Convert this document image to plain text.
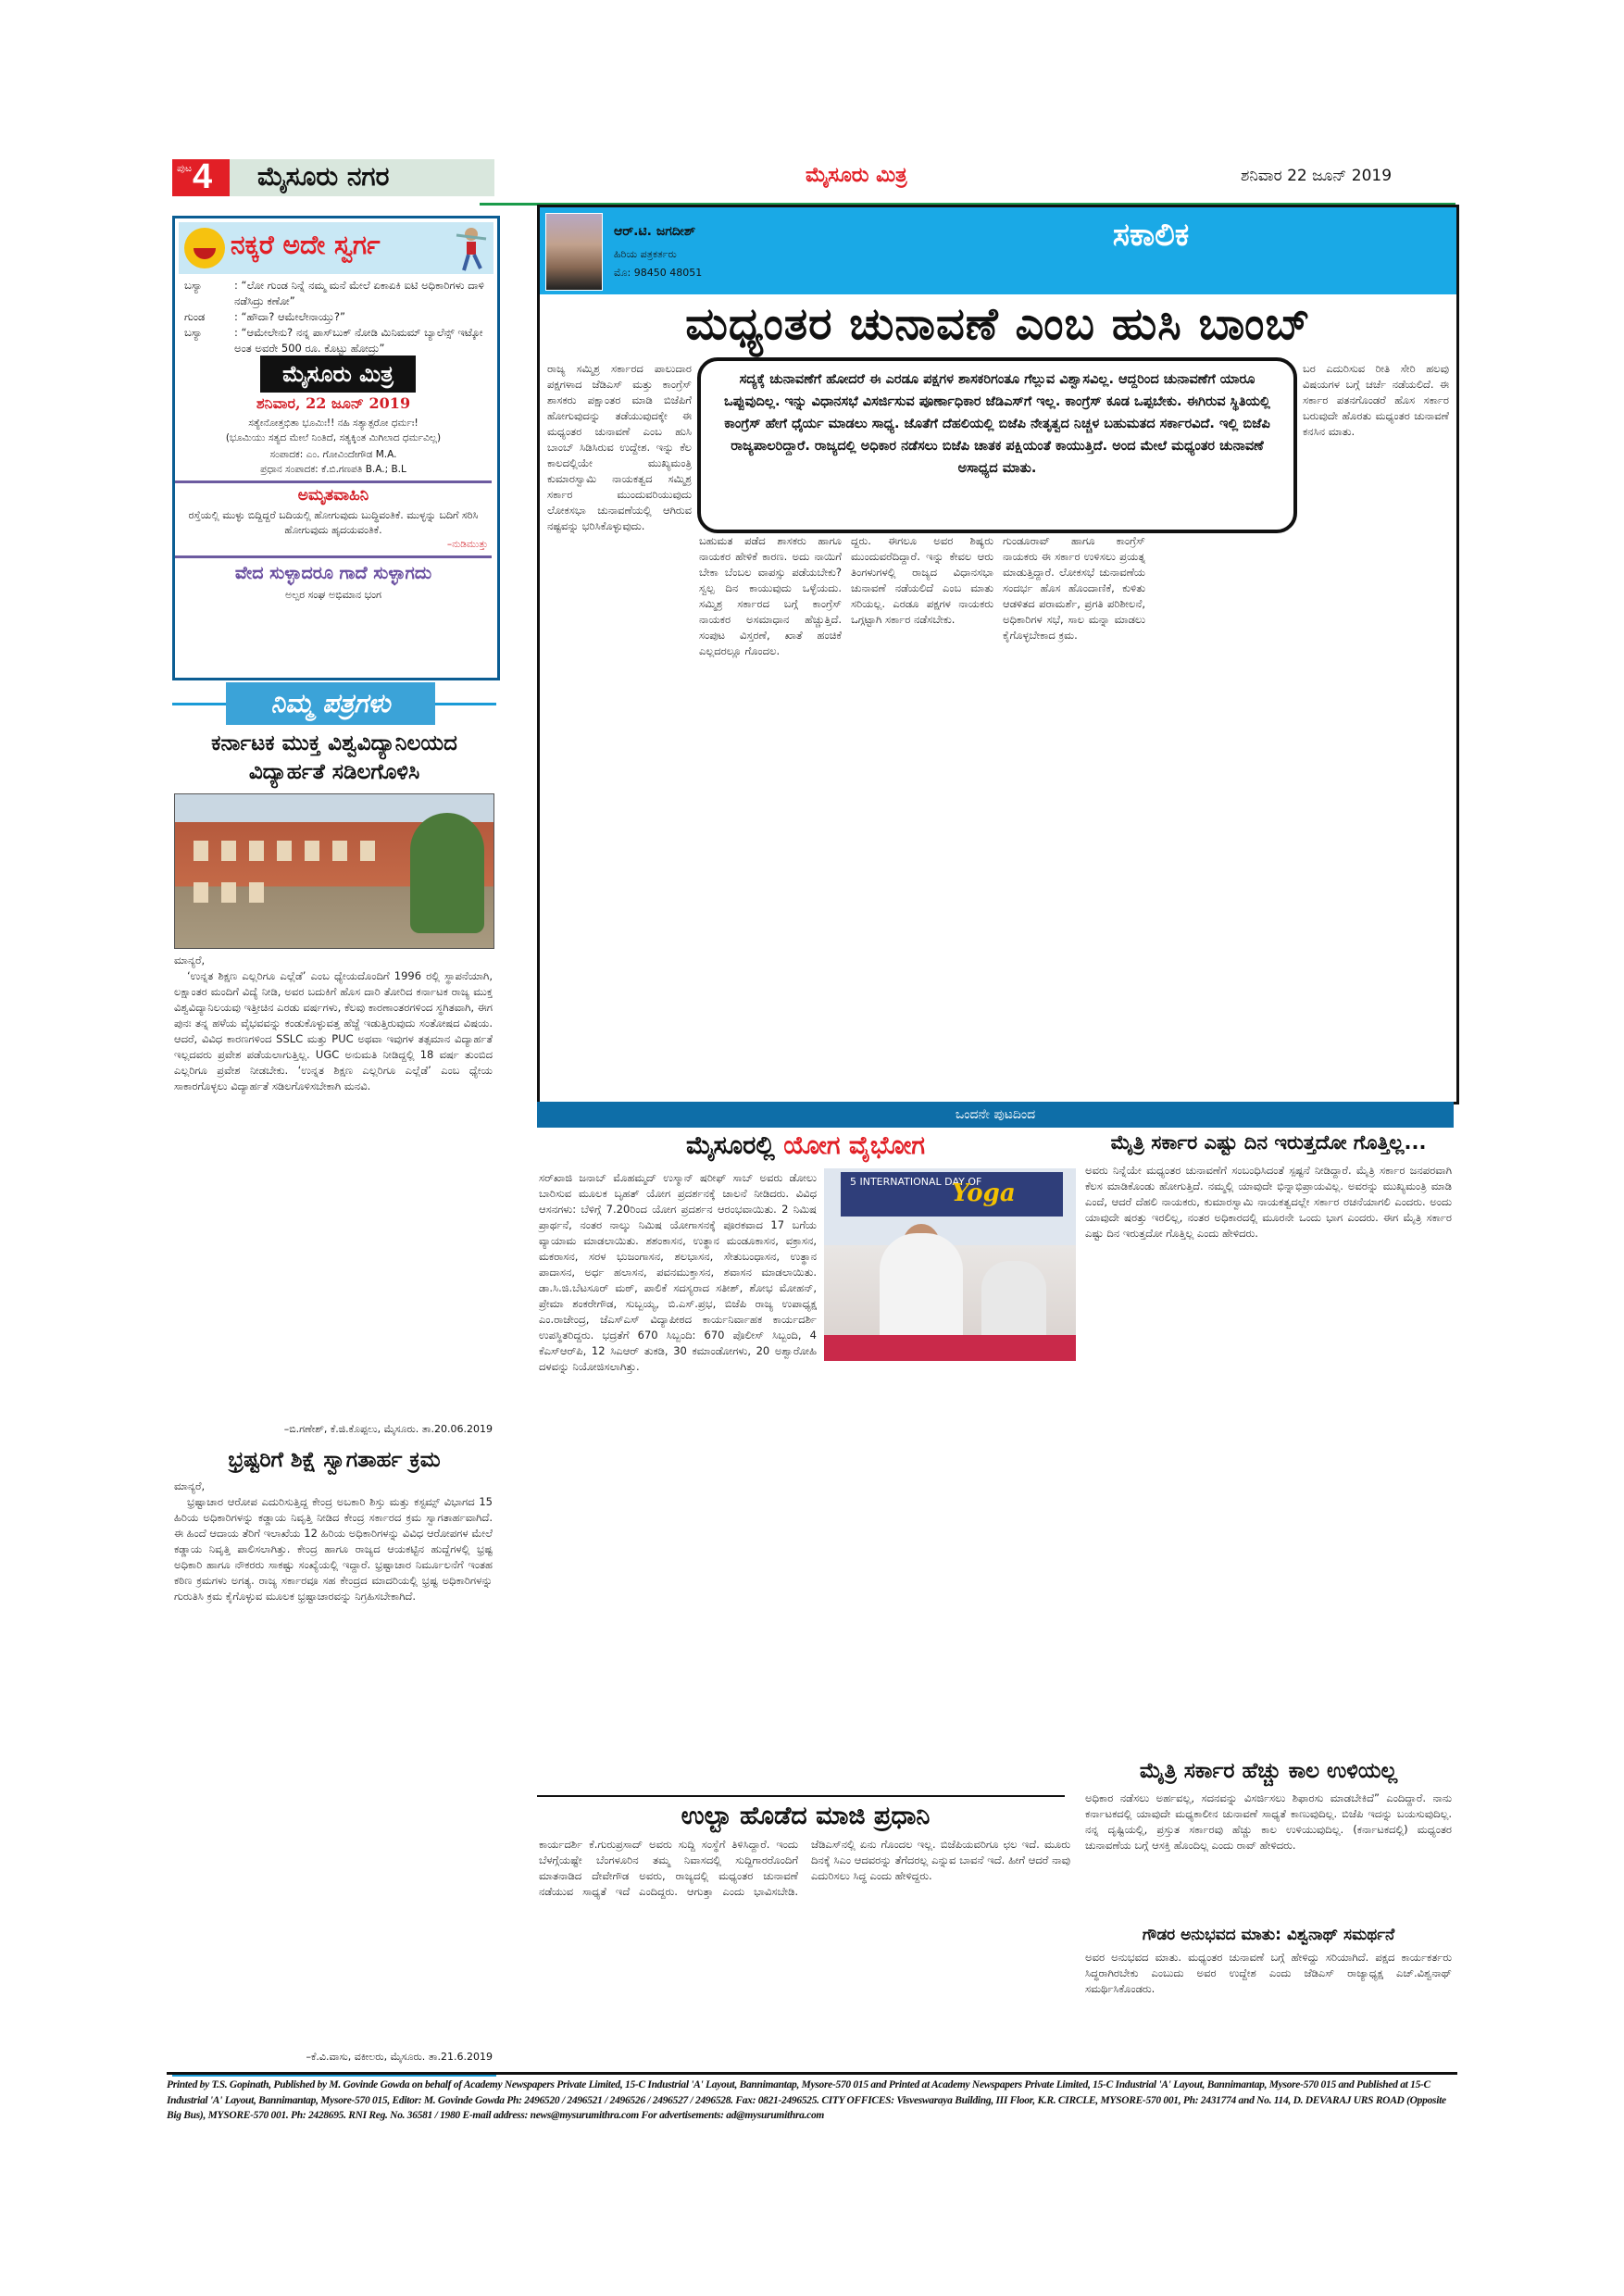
ಪುಟ 4 ಮೈಸೂರು ನಗರ	ಮೈಸೂರು ಮಿತ್ರ	ಶನಿವಾರ 22 ಜೂನ್ 2019
ನಕ್ಕರೆ ಅದೇ ಸ್ವರ್ಗ
ಬಸ್ಯಾ	: “ಲೋ ಗುಂಡ ನಿನ್ನೆ ನಮ್ಮ ಮನೆ ಮೇಲೆ ಏಕಾಏಕಿ ಐಟಿ ಅಧಿಕಾರಿಗಳು ದಾಳಿ ನಡೆಸಿದ್ರು ಕಣೋ”
ಗುಂಡ	: “ಹೌದಾ? ಆಮೇಲೇನಾಯ್ತು?”
ಬಸ್ಯಾ	: “ಆಮೇಲೇನು? ನನ್ನ ಪಾಸ್‌ಬುಕ್ ನೋಡಿ ಮಿನಿಮಮ್ ಬ್ಯಾಲೆನ್ಸ್ ಇಟ್ಕೋ ಅಂತ ಅವರೇ 500 ರೂ. ಕೊಟ್ಟು ಹೋದ್ರು”
ಮೈಸೂರು ಮಿತ್ರ
ಶನಿವಾರ, 22 ಜೂನ್ 2019
ಸತ್ಯೇನೋತ್ತಭಿತಾ ಭೂಮಿಃ!! ನಹಿ ಸತ್ಯಾತ್ಪರೋ ಧರ್ಮಃ!
(ಭೂಮಿಯು ಸತ್ಯದ ಮೇಲೆ ನಿಂತಿದೆ, ಸತ್ಯಕ್ಕಿಂತ ಮಿಗಿಲಾದ ಧರ್ಮವಿಲ್ಲ)
ಸಂಪಾದಕ: ಎಂ. ಗೋವಿಂದೇಗೌಡ M.A.
ಪ್ರಧಾನ ಸಂಪಾದಕ: ಕೆ.ಬಿ.ಗಣಪತಿ B.A.; B.L
ಅಮೃತವಾಹಿನಿ
ರಸ್ತೆಯಲ್ಲಿ ಮುಳ್ಳು ಬಿದ್ದಿದ್ದರೆ ಬದಿಯಲ್ಲಿ ಹೋಗುವುದು ಬುದ್ಧಿವಂತಿಕೆ. ಮುಳ್ಳನ್ನು ಬದಿಗೆ ಸರಿಸಿ ಹೋಗುವುದು ಹೃದಯವಂತಿಕೆ.
–ನುಡಿಮುತ್ತು
ವೇದ ಸುಳ್ಳಾದರೂ ಗಾದೆ ಸುಳ್ಳಾಗದು
ಅಲ್ಪರ ಸಂಘ ಅಭಿಮಾನ ಭಂಗ
ನಿಮ್ಮ ಪತ್ರಗಳು
ಕರ್ನಾಟಕ ಮುಕ್ತ ವಿಶ್ವವಿದ್ಯಾನಿಲಯದ ವಿದ್ಯಾರ್ಹತೆ ಸಡಿಲಗೊಳಿಸಿ
ಮಾನ್ಯರೆ,

‘ಉನ್ನತ ಶಿಕ್ಷಣ ಎಲ್ಲರಿಗೂ ಎಲ್ಲೆಡೆ’ ಎಂಬ ಧ್ಯೇಯದೊಂದಿಗೆ 1996 ರಲ್ಲಿ ಸ್ಥಾಪನೆಯಾಗಿ, ಲಕ್ಷಾಂತರ ಮಂದಿಗೆ ವಿದ್ಯೆ ನೀಡಿ, ಅವರ ಬದುಕಿಗೆ ಹೊಸ ದಾರಿ ತೋರಿದ ಕರ್ನಾಟಕ ರಾಜ್ಯ ಮುಕ್ತ ವಿಶ್ವವಿದ್ಯಾನಿಲಯವು ಇತ್ತೀಚಿನ ಎರಡು ವರ್ಷಗಳು, ಕೆಲವು ಕಾರಣಾಂತರಗಳಿಂದ ಸ್ಥಗಿತವಾಗಿ, ಈಗ ಪುನಃ ತನ್ನ ಹಳೆಯ ವೈಭವವನ್ನು ಕಂಡುಕೊಳ್ಳುವತ್ತ ಹೆಜ್ಜೆ ಇಡುತ್ತಿರುವುದು ಸಂತೋಷದ ವಿಷಯ. ಆದರೆ, ವಿವಿಧ ಕಾರಣಗಳಿಂದ SSLC ಮತ್ತು PUC ಅಥವಾ ಇವುಗಳ ತತ್ಸಮಾನ ವಿದ್ಯಾರ್ಹತೆ ಇಲ್ಲದವರು ಪ್ರವೇಶ ಪಡೆಯಲಾಗುತ್ತಿಲ್ಲ. UGC ಅನುಮತಿ ನೀಡಿದ್ದಲ್ಲಿ 18 ವರ್ಷ ತುಂಬಿದ ಎಲ್ಲರಿಗೂ ಪ್ರವೇಶ ನೀಡಬೇಕು. ‘ಉನ್ನತ ಶಿಕ್ಷಣ ಎಲ್ಲರಿಗೂ ಎಲ್ಲೆಡೆ’ ಎಂಬ ಧ್ಯೇಯ ಸಾಕಾರಗೊಳ್ಳಲು ವಿದ್ಯಾರ್ಹತೆ ಸಡಿಲಗೊಳಿಸಬೇಕಾಗಿ ಮನವಿ.

–ಬಿ.ಗಣೇಶ್, ಕೆ.ಜಿ.ಕೊಪ್ಪಲು, ಮೈಸೂರು. ತಾ.20.06.2019
ಭ್ರಷ್ಟರಿಗೆ ಶಿಕ್ಷೆ ಸ್ವಾಗತಾರ್ಹ ಕ್ರಮ
ಮಾನ್ಯರೆ,

ಭ್ರಷ್ಟಾಚಾರ ಆರೋಪ ಎದುರಿಸುತ್ತಿದ್ದ ಕೇಂದ್ರ ಅಬಕಾರಿ ಶಿಸ್ತು ಮತ್ತು ಕಸ್ಟಮ್ಸ್ ವಿಭಾಗದ 15 ಹಿರಿಯ ಅಧಿಕಾರಿಗಳನ್ನು ಕಡ್ಡಾಯ ನಿವೃತ್ತಿ ನೀಡಿದ ಕೇಂದ್ರ ಸರ್ಕಾರದ ಕ್ರಮ ಸ್ವಾಗತಾರ್ಹವಾಗಿದೆ. ಈ ಹಿಂದೆ ಆದಾಯ ತೆರಿಗೆ ಇಲಾಖೆಯ 12 ಹಿರಿಯ ಅಧಿಕಾರಿಗಳನ್ನು ವಿವಿಧ ಆರೋಪಗಳ ಮೇಲೆ ಕಡ್ಡಾಯ ನಿವೃತ್ತಿ ಪಾಲಿಸಲಾಗಿತ್ತು. ಕೇಂದ್ರ ಹಾಗೂ ರಾಜ್ಯದ ಆಯಕಟ್ಟಿನ ಹುದ್ದೆಗಳಲ್ಲಿ ಭ್ರಷ್ಟ ಅಧಿಕಾರಿ ಹಾಗೂ ನೌಕರರು ಸಾಕಷ್ಟು ಸಂಖ್ಯೆಯಲ್ಲಿ ಇದ್ದಾರೆ. ಭ್ರಷ್ಟಾಚಾರ ನಿರ್ಮೂಲನೆಗೆ ಇಂತಹ ಕಠಿಣ ಕ್ರಮಗಳು ಅಗತ್ಯ. ರಾಜ್ಯ ಸರ್ಕಾರವೂ ಸಹ ಕೇಂದ್ರದ ಮಾದರಿಯಲ್ಲಿ ಭ್ರಷ್ಟ ಅಧಿಕಾರಿಗಳನ್ನು ಗುರುತಿಸಿ ಕ್ರಮ ಕೈಗೊಳ್ಳುವ ಮೂಲಕ ಭ್ರಷ್ಟಾಚಾರವನ್ನು ನಿಗ್ರಹಿಸಬೇಕಾಗಿದೆ.

–ಕೆ.ವಿ.ವಾಸು, ವಕೀಲರು, ಮೈಸೂರು. ತಾ.21.6.2019
ಆರ್.ಟಿ. ಜಗದೀಶ್
ಹಿರಿಯ ಪತ್ರಕರ್ತರು
ಮೊ: 98450 48051
ಸಕಾಲಿಕ
ಮಧ್ಯಂತರ ಚುನಾವಣೆ ಎಂಬ ಹುಸಿ ಬಾಂಬ್
ರಾಜ್ಯ ಸಮ್ಮಿಶ್ರ ಸರ್ಕಾರದ ಪಾಲುದಾರ ಪಕ್ಷಗಳಾದ ಜೆಡಿಎಸ್ ಮತ್ತು ಕಾಂಗ್ರೆಸ್ ಶಾಸಕರು ಪಕ್ಷಾಂತರ ಮಾಡಿ ಬಿಜೆಪಿಗೆ ಹೋಗುವುದನ್ನು ತಡೆಯುವುದಕ್ಕೇ ಈ ಮಧ್ಯಂತರ ಚುನಾವಣೆ ಎಂಬ ಹುಸಿ ಬಾಂಬ್ ಸಿಡಿಸಿರುವ ಉದ್ದೇಶ. ಇನ್ನು ಕೆಲ ಕಾಲದಲ್ಲಿಯೇ ಮುಖ್ಯಮಂತ್ರಿ ಕುಮಾರಸ್ವಾಮಿ ನಾಯಕತ್ವದ ಸಮ್ಮಿಶ್ರ ಸರ್ಕಾರ ಮುಂದುವರಿಯುವುದು ಲೋಕಸಭಾ ಚುನಾವಣೆಯಲ್ಲಿ ಆಗಿರುವ ನಷ್ಟವನ್ನು ಭರಿಸಿಕೊಳ್ಳುವುದು.
ಬಹುಮತ ಪಡೆದ ಶಾಸಕರು ಹಾಗೂ ನಾಯಕರ ಹೇಳಿಕೆ ಕಾರಣ. ಅದು ನಾಯಿಗೆ ಬೇಕಾ ಬೆಂಬಲ ವಾಪಸ್ಸು ಪಡೆಯಬೇಕು? ಸ್ವಲ್ಪ ದಿನ ಕಾಯುವುದು ಒಳ್ಳೆಯದು. ಸಮ್ಮಿಶ್ರ ಸರ್ಕಾರದ ಬಗ್ಗೆ ಕಾಂಗ್ರೆಸ್ ನಾಯಕರ ಅಸಮಾಧಾನ ಹೆಚ್ಚುತ್ತಿದೆ. ಸಂಪುಟ ವಿಸ್ತರಣೆ, ಖಾತೆ ಹಂಚಿಕೆ ಎಲ್ಲದರಲ್ಲೂ ಗೊಂದಲ.
ದ್ದರು. ಈಗಲೂ ಅವರ ಶಿಷ್ಯರು ಮುಂದುವರೆದಿದ್ದಾರೆ. ಇನ್ನು ಕೇವಲ ಆರು ತಿಂಗಳುಗಳಲ್ಲಿ ರಾಜ್ಯದ ವಿಧಾನಸಭಾ ಚುನಾವಣೆ ನಡೆಯಲಿದೆ ಎಂಬ ಮಾತು ಸರಿಯಲ್ಲ. ಎರಡೂ ಪಕ್ಷಗಳ ನಾಯಕರು ಒಗ್ಗಟ್ಟಾಗಿ ಸರ್ಕಾರ ನಡೆಸಬೇಕು.
ಗುಂಡೂರಾವ್ ಹಾಗೂ ಕಾಂಗ್ರೆಸ್ ನಾಯಕರು ಈ ಸರ್ಕಾರ ಉಳಿಸಲು ಪ್ರಯತ್ನ ಮಾಡುತ್ತಿದ್ದಾರೆ. ಲೋಕಸಭೆ ಚುನಾವಣೆಯ ಸಂದರ್ಭ ಹೊಸ ಹೊಂದಾಣಿಕೆ, ಕುಳಿತು ಆಡಳಿತದ ಪರಾಮರ್ಶೆ, ಪ್ರಗತಿ ಪರಿಶೀಲನೆ, ಅಧಿಕಾರಿಗಳ ಸಭೆ, ಸಾಲ ಮನ್ನಾ ಮಾಡಲು ಕೈಗೊಳ್ಳಬೇಕಾದ ಕ್ರಮ.
ಬರ ಎದುರಿಸುವ ರೀತಿ ಸೇರಿ ಹಲವು ವಿಷಯಗಳ ಬಗ್ಗೆ ಚರ್ಚೆ ನಡೆಯಲಿದೆ. ಈ ಸರ್ಕಾರ ಪತನಗೊಂಡರೆ ಹೊಸ ಸರ್ಕಾರ ಬರುವುದೇ ಹೊರತು ಮಧ್ಯಂತರ ಚುನಾವಣೆ ಕನಸಿನ ಮಾತು.
ಸದ್ಯಕ್ಕೆ ಚುನಾವಣೆಗೆ ಹೋದರೆ ಈ ಎರಡೂ ಪಕ್ಷಗಳ ಶಾಸಕರಿಗಂತೂ ಗೆಲ್ಲುವ ವಿಶ್ವಾಸವಿಲ್ಲ. ಆದ್ದರಿಂದ ಚುನಾವಣೆಗೆ ಯಾರೂ ಒಪ್ಪುವುದಿಲ್ಲ. ಇನ್ನು ವಿಧಾನಸಭೆ ವಿಸರ್ಜಿಸುವ ಪೂರ್ಣಾಧಿಕಾರ ಜೆಡಿಎಸ್‌ಗೆ ಇಲ್ಲ. ಕಾಂಗ್ರೆಸ್ ಕೂಡ ಒಪ್ಪಬೇಕು. ಈಗಿರುವ ಸ್ಥಿತಿಯಲ್ಲಿ ಕಾಂಗ್ರೆಸ್ ಹೇಗೆ ಧೈರ್ಯ ಮಾಡಲು ಸಾಧ್ಯ. ಜೊತೆಗೆ ದೆಹಲಿಯಲ್ಲಿ ಬಿಜೆಪಿ ನೇತೃತ್ವದ ನಿಚ್ಚಳ ಬಹುಮತದ ಸರ್ಕಾರವಿದೆ. ಇಲ್ಲಿ ಬಿಜೆಪಿ ರಾಜ್ಯಪಾಲರಿದ್ದಾರೆ. ರಾಜ್ಯದಲ್ಲಿ ಅಧಿಕಾರ ನಡೆಸಲು ಬಿಜೆಪಿ ಚಾತಕ ಪಕ್ಷಿಯಂತೆ ಕಾಯುತ್ತಿದೆ. ಅಂದ ಮೇಲೆ ಮಧ್ಯಂತರ ಚುನಾವಣೆ ಅಸಾಧ್ಯದ ಮಾತು.
ಒಂದನೇ ಪುಟದಿಂದ
ಮೈಸೂರಲ್ಲಿ ಯೋಗ ವೈಭೋಗ
ಸರ್‌ಖಾಜಿ ಜನಾಬ್ ಮೊಹಮ್ಮದ್ ಉಸ್ಮಾನ್ ಷರೀಫ್ ಸಾಬ್ ಅವರು ಡೋಲು ಬಾರಿಸುವ ಮೂಲಕ ಬೃಹತ್ ಯೋಗ ಪ್ರದರ್ಶನಕ್ಕೆ ಚಾಲನೆ ನೀಡಿದರು. ವಿವಿಧ ಆಸನಗಳು: ಬೆಳಿಗ್ಗೆ 7.20ರಿಂದ ಯೋಗ ಪ್ರದರ್ಶನ ಆರಂಭವಾಯಿತು. 2 ನಿಮಿಷ ಪ್ರಾರ್ಥನೆ, ನಂತರ ನಾಲ್ಕು ನಿಮಿಷ ಯೋಗಾಸನಕ್ಕೆ ಪೂರಕವಾದ 17 ಬಗೆಯ ವ್ಯಾಯಾಮ ಮಾಡಲಾಯಿತು. ಶಶಂಕಾಸನ, ಉತ್ಥಾನ ಮಂಡೂಕಾಸನ, ವಕ್ರಾಸನ, ಮಕರಾಸನ, ಸರಳ ಭುಜಂಗಾಸನ, ಶಲಭಾಸನ, ಸೇತುಬಂಧಾಸನ, ಉತ್ಥಾನ ಪಾದಾಸನ, ಅರ್ಧ ಹಲಾಸನ, ಪವನಮುಕ್ತಾಸನ, ಶವಾಸನ ಮಾಡಲಾಯಿತು. ಡಾ.ಸಿ.ಜಿ.ಬೆಟಸೂರ್ ಮಠ್, ಪಾಲಿಕೆ ಸದಸ್ಯರಾದ ಸತೀಶ್, ಶೋಭ ಮೋಹನ್, ಪ್ರೇಮಾ ಶಂಕರೇಗೌಡ, ಸುಬ್ಬಯ್ಯ, ಬಿ.ಎಸ್.ಪ್ರಭ, ಬಿಜೆಪಿ ರಾಜ್ಯ ಉಪಾಧ್ಯಕ್ಷ ಎಂ.ರಾಜೇಂದ್ರ, ಜೆಎಸ್‌ಎಸ್ ವಿದ್ಯಾಪೀಠದ ಕಾರ್ಯನಿರ್ವಾಹಕ ಕಾರ್ಯದರ್ಶಿ ಉಪಸ್ಥಿತರಿದ್ದರು. ಭದ್ರತೆಗೆ 670 ಸಿಬ್ಬಂದಿ: 670 ಪೊಲೀಸ್ ಸಿಬ್ಬಂದಿ, 4 ಕೆಎಸ್‌ಆರ್‌ಪಿ, 12 ಸಿಎಆರ್ ತುಕಡಿ, 30 ಕಮಾಂಡೋಗಳು, 20 ಅಶ್ವಾರೋಹಿ ದಳವನ್ನು ನಿಯೋಜಿಸಲಾಗಿತ್ತು.
5 INTERNATIONAL DAY OF
Yoga
ಮೈತ್ರಿ ಸರ್ಕಾರ ಎಷ್ಟು ದಿನ ಇರುತ್ತದೋ ಗೊತ್ತಿಲ್ಲ...
ಅವರು ನಿನ್ನೆಯೇ ಮಧ್ಯಂತರ ಚುನಾವಣೆಗೆ ಸಂಬಂಧಿಸಿದಂತೆ ಸ್ಪಷ್ಟನೆ ನೀಡಿದ್ದಾರೆ. ಮೈತ್ರಿ ಸರ್ಕಾರ ಜನಪರವಾಗಿ ಕೆಲಸ ಮಾಡಿಕೊಂಡು ಹೋಗುತ್ತಿದೆ. ನಮ್ಮಲ್ಲಿ ಯಾವುದೇ ಭಿನ್ನಾಭಿಪ್ರಾಯವಿಲ್ಲ. ಅವರನ್ನು ಮುಖ್ಯಮಂತ್ರಿ ಮಾಡಿ ಎಂದೆ, ಆದರೆ ದೆಹಲಿ ನಾಯಕರು, ಕುಮಾರಸ್ವಾಮಿ ನಾಯಕತ್ವದಲ್ಲೇ ಸರ್ಕಾರ ರಚನೆಯಾಗಲಿ ಎಂದರು. ಅಂದು ಯಾವುದೇ ಷರತ್ತು ಇರಲಿಲ್ಲ, ನಂತರ ಅಧಿಕಾರದಲ್ಲಿ ಮೂರನೇ ಒಂದು ಭಾಗ ಎಂದರು. ಈಗ ಮೈತ್ರಿ ಸರ್ಕಾರ ಎಷ್ಟು ದಿನ ಇರುತ್ತದೋ ಗೊತ್ತಿಲ್ಲ ಎಂದು ಹೇಳಿದರು.
ಉಲ್ಟಾ ಹೊಡೆದ ಮಾಜಿ ಪ್ರಧಾನಿ
ಕಾರ್ಯದರ್ಶಿ ಕೆ.ಗುರುಪ್ರಸಾದ್ ಅವರು ಸುದ್ದಿ ಸಂಸ್ಥೆಗೆ ತಿಳಿಸಿದ್ದಾರೆ. ಇಂದು ಬೆಳಗ್ಗೆಯಷ್ಟೇ ಬೆಂಗಳೂರಿನ ತಮ್ಮ ನಿವಾಸದಲ್ಲಿ ಸುದ್ದಿಗಾರರೊಂದಿಗೆ ಮಾತನಾಡಿದ ದೇವೇಗೌಡ ಅವರು, ರಾಜ್ಯದಲ್ಲಿ ಮಧ್ಯಂತರ ಚುನಾವಣೆ ನಡೆಯುವ ಸಾಧ್ಯತೆ ಇದೆ ಎಂದಿದ್ದರು. ಆಗುತ್ತಾ ಎಂದು ಭಾವಿಸಬೇಡಿ. ಜೆಡಿಎಸ್‌ನಲ್ಲಿ ಏನು ಗೊಂದಲ ಇಲ್ಲ. ಬಿಜೆಪಿಯವರಿಗೂ ಛಲ ಇದೆ. ಮೂರು ದಿನಕ್ಕೆ ಸಿಎಂ ಆದವರನ್ನು ತೆಗೆದರಲ್ಲ ಎನ್ನುವ ಬಾವನೆ ಇದೆ. ಹೀಗೆ ಆದರೆ ನಾವು ಎದುರಿಸಲು ಸಿದ್ಧ ಎಂದು ಹೇಳಿದ್ದರು.
ಮೈತ್ರಿ ಸರ್ಕಾರ ಹೆಚ್ಚು ಕಾಲ ಉಳಿಯಲ್ಲ
ಅಧಿಕಾರ ನಡೆಸಲು ಅರ್ಹವಲ್ಲ, ಸದನವನ್ನು ವಿಸರ್ಜಿಸಲು ಶಿಫಾರಸು ಮಾಡಬೇಕಿದೆ” ಎಂದಿದ್ದಾರೆ. ನಾನು ಕರ್ನಾಟಕದಲ್ಲಿ ಯಾವುದೇ ಮಧ್ಯಕಾಲೀನ ಚುನಾವಣೆ ಸಾಧ್ಯತೆ ಕಾಣುವುದಿಲ್ಲ. ಬಿಜೆಪಿ ಇದನ್ನು ಬಯಸುವುದಿಲ್ಲ. ನನ್ನ ದೃಷ್ಟಿಯಲ್ಲಿ, ಪ್ರಸ್ತುತ ಸರ್ಕಾರವು ಹೆಚ್ಚು ಕಾಲ ಉಳಿಯುವುದಿಲ್ಲ. (ಕರ್ನಾಟಕದಲ್ಲಿ) ಮಧ್ಯಂತರ ಚುನಾವಣೆಯ ಬಗ್ಗೆ ಆಸಕ್ತಿ ಹೊಂದಿಲ್ಲ ಎಂದು ರಾವ್ ಹೇಳಿದರು.
ಗೌಡರ ಅನುಭವದ ಮಾತು: ವಿಶ್ವನಾಥ್ ಸಮರ್ಥನೆ
ಅವರ ಅನುಭವದ ಮಾತು. ಮಧ್ಯಂತರ ಚುನಾವಣೆ ಬಗ್ಗೆ ಹೇಳಿದ್ದು ಸರಿಯಾಗಿದೆ. ಪಕ್ಷದ ಕಾರ್ಯಕರ್ತರು ಸಿದ್ಧರಾಗಿರಬೇಕು ಎಂಬುದು ಅವರ ಉದ್ದೇಶ ಎಂದು ಜೆಡಿಎಸ್ ರಾಜ್ಯಾಧ್ಯಕ್ಷ ಎಚ್.ವಿಶ್ವನಾಥ್ ಸಮರ್ಥಿಸಿಕೊಂಡರು.
Printed by T.S. Gopinath, Published by M. Govinde Gowda on behalf of Academy Newspapers Private Limited, 15-C Industrial 'A' Layout, Bannimantap, Mysore-570 015 and Printed at Academy Newspapers Private Limited, 15-C Industrial 'A' Layout, Bannimantap, Mysore-570 015 and Published at 15-C Industrial 'A' Layout, Bannimantap, Mysore-570 015, Editor: M. Govinde Gowda Ph: 2496520 / 2496521 / 2496526 / 2496527 / 2496528. Fax: 0821-2496525. CITY OFFICES: Visveswaraya Building, III Floor, K.R. CIRCLE, MYSORE-570 001, Ph: 2431774 and No. 114, D. DEVARAJ URS ROAD (Opposite Big Bus), MYSORE-570 001. Ph: 2428695. RNI Reg. No. 36581 / 1980 E-mail address: news@mysurumithra.com For advertisements: ad@mysurumithra.com
